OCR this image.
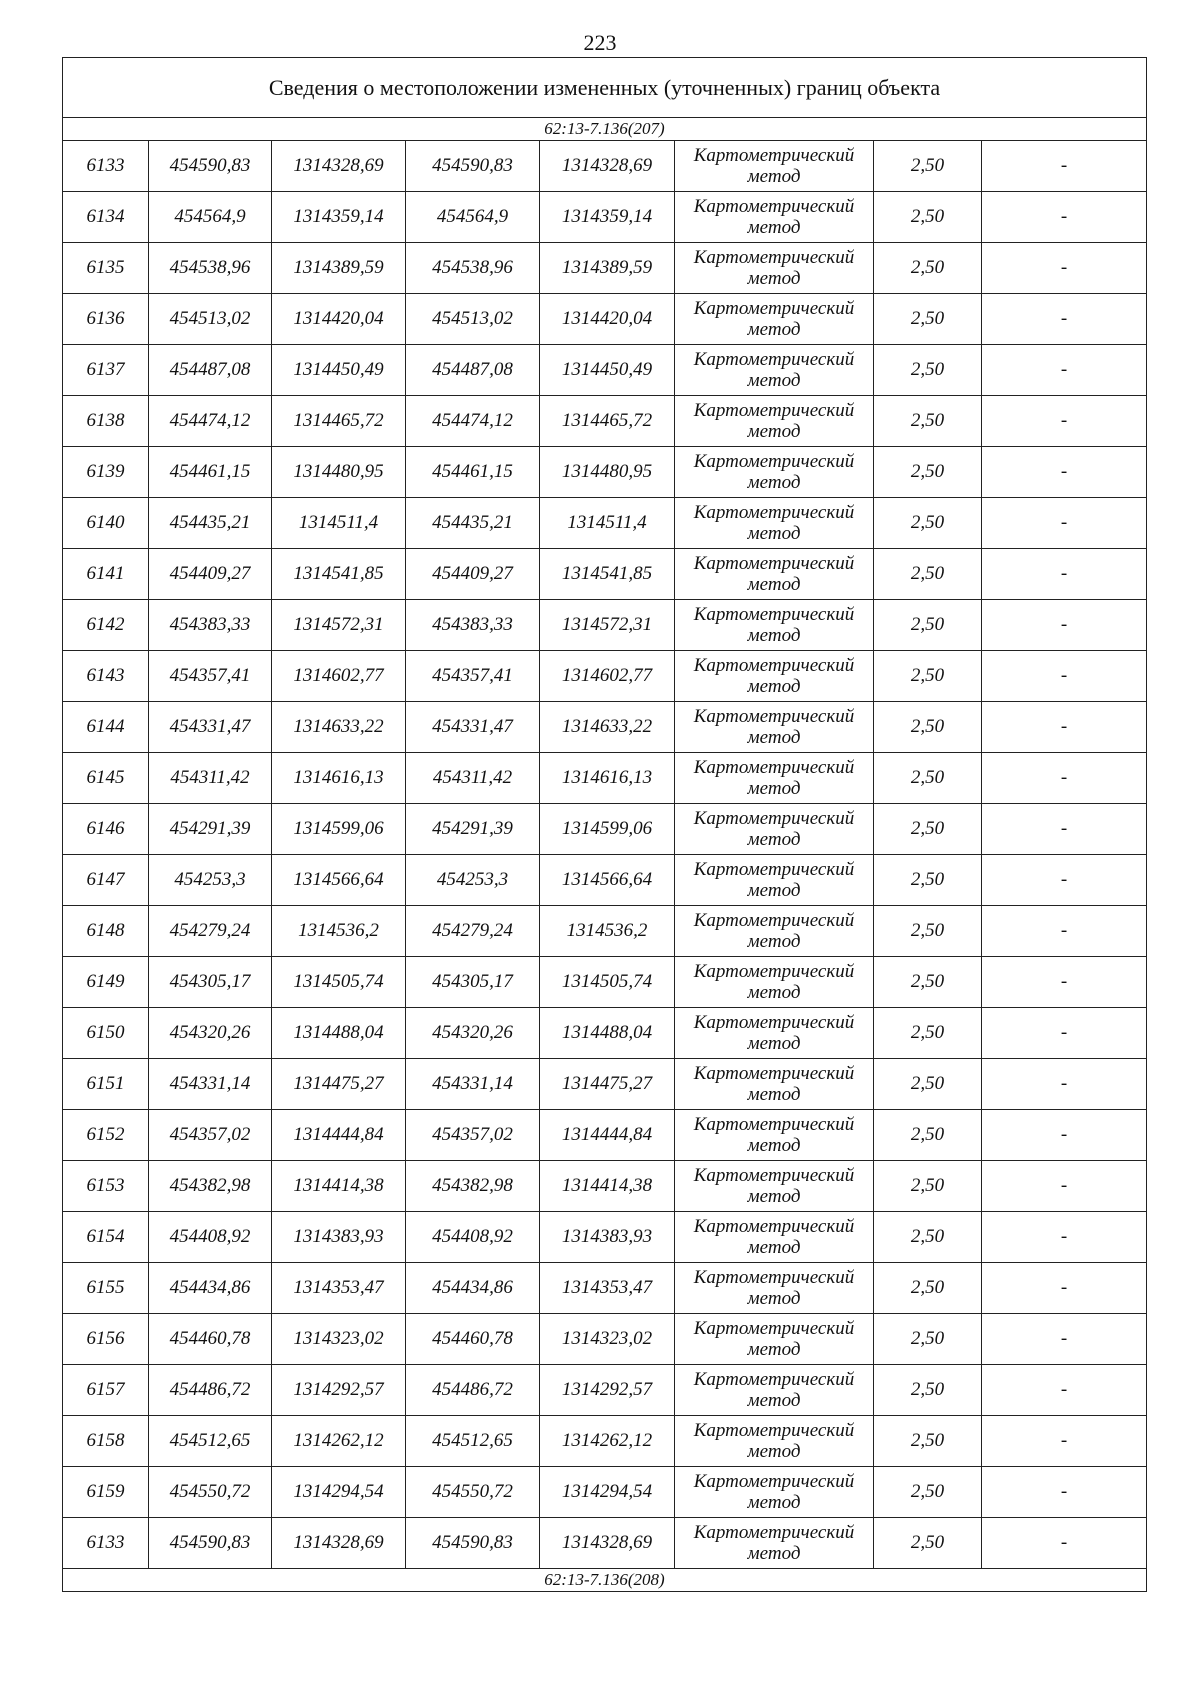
223
Сведения о местоположении измененных (уточненных) границ объекта							
62:13-7.136(207)							
6133	454590,83	1314328,69	454590,83	1314328,69	Картометрический метод	2,50	-
6134	454564,9	1314359,14	454564,9	1314359,14	Картометрический метод	2,50	-
6135	454538,96	1314389,59	454538,96	1314389,59	Картометрический метод	2,50	-
6136	454513,02	1314420,04	454513,02	1314420,04	Картометрический метод	2,50	-
6137	454487,08	1314450,49	454487,08	1314450,49	Картометрический метод	2,50	-
6138	454474,12	1314465,72	454474,12	1314465,72	Картометрический метод	2,50	-
6139	454461,15	1314480,95	454461,15	1314480,95	Картометрический метод	2,50	-
6140	454435,21	1314511,4	454435,21	1314511,4	Картометрический метод	2,50	-
6141	454409,27	1314541,85	454409,27	1314541,85	Картометрический метод	2,50	-
6142	454383,33	1314572,31	454383,33	1314572,31	Картометрический метод	2,50	-
6143	454357,41	1314602,77	454357,41	1314602,77	Картометрический метод	2,50	-
6144	454331,47	1314633,22	454331,47	1314633,22	Картометрический метод	2,50	-
6145	454311,42	1314616,13	454311,42	1314616,13	Картометрический метод	2,50	-
6146	454291,39	1314599,06	454291,39	1314599,06	Картометрический метод	2,50	-
6147	454253,3	1314566,64	454253,3	1314566,64	Картометрический метод	2,50	-
6148	454279,24	1314536,2	454279,24	1314536,2	Картометрический метод	2,50	-
6149	454305,17	1314505,74	454305,17	1314505,74	Картометрический метод	2,50	-
6150	454320,26	1314488,04	454320,26	1314488,04	Картометрический метод	2,50	-
6151	454331,14	1314475,27	454331,14	1314475,27	Картометрический метод	2,50	-
6152	454357,02	1314444,84	454357,02	1314444,84	Картометрический метод	2,50	-
6153	454382,98	1314414,38	454382,98	1314414,38	Картометрический метод	2,50	-
6154	454408,92	1314383,93	454408,92	1314383,93	Картометрический метод	2,50	-
6155	454434,86	1314353,47	454434,86	1314353,47	Картометрический метод	2,50	-
6156	454460,78	1314323,02	454460,78	1314323,02	Картометрический метод	2,50	-
6157	454486,72	1314292,57	454486,72	1314292,57	Картометрический метод	2,50	-
6158	454512,65	1314262,12	454512,65	1314262,12	Картометрический метод	2,50	-
6159	454550,72	1314294,54	454550,72	1314294,54	Картометрический метод	2,50	-
6133	454590,83	1314328,69	454590,83	1314328,69	Картометрический метод	2,50	-
62:13-7.136(208)							
